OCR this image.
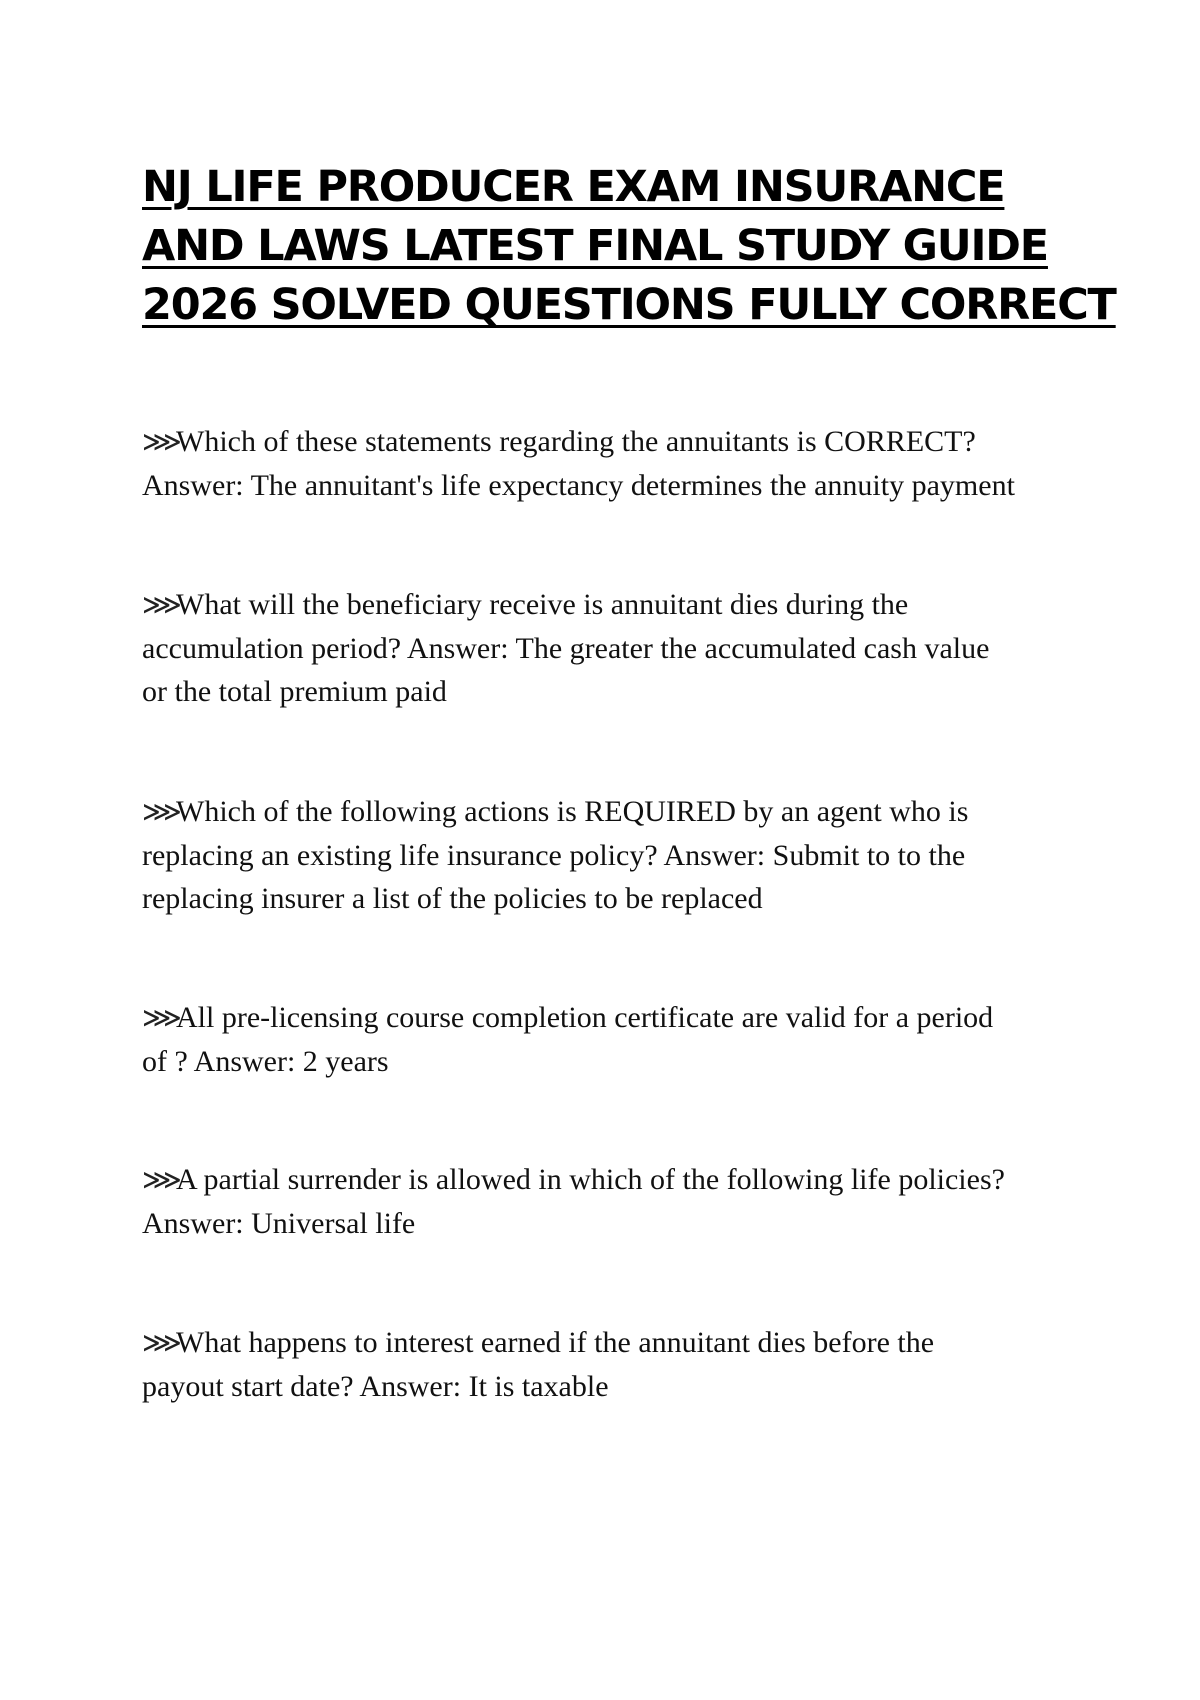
NJ LIFE PRODUCER EXAM INSURANCE
AND LAWS LATEST FINAL STUDY GUIDE
2026 SOLVED QUESTIONS FULLY CORRECT
⋙Which of these statements regarding the annuitants is CORRECT?
Answer: The annuitant's life expectancy determines the annuity payment
⋙What will the beneficiary receive is annuitant dies during the
accumulation period? Answer: The greater the accumulated cash value
or the total premium paid
⋙Which of the following actions is REQUIRED by an agent who is
replacing an existing life insurance policy? Answer: Submit to to the
replacing insurer a list of the policies to be replaced
⋙All pre-licensing course completion certificate are valid for a period
of ? Answer: 2 years
⋙A partial surrender is allowed in which of the following life policies?
Answer: Universal life
⋙What happens to interest earned if the annuitant dies before the
payout start date? Answer: It is taxable
